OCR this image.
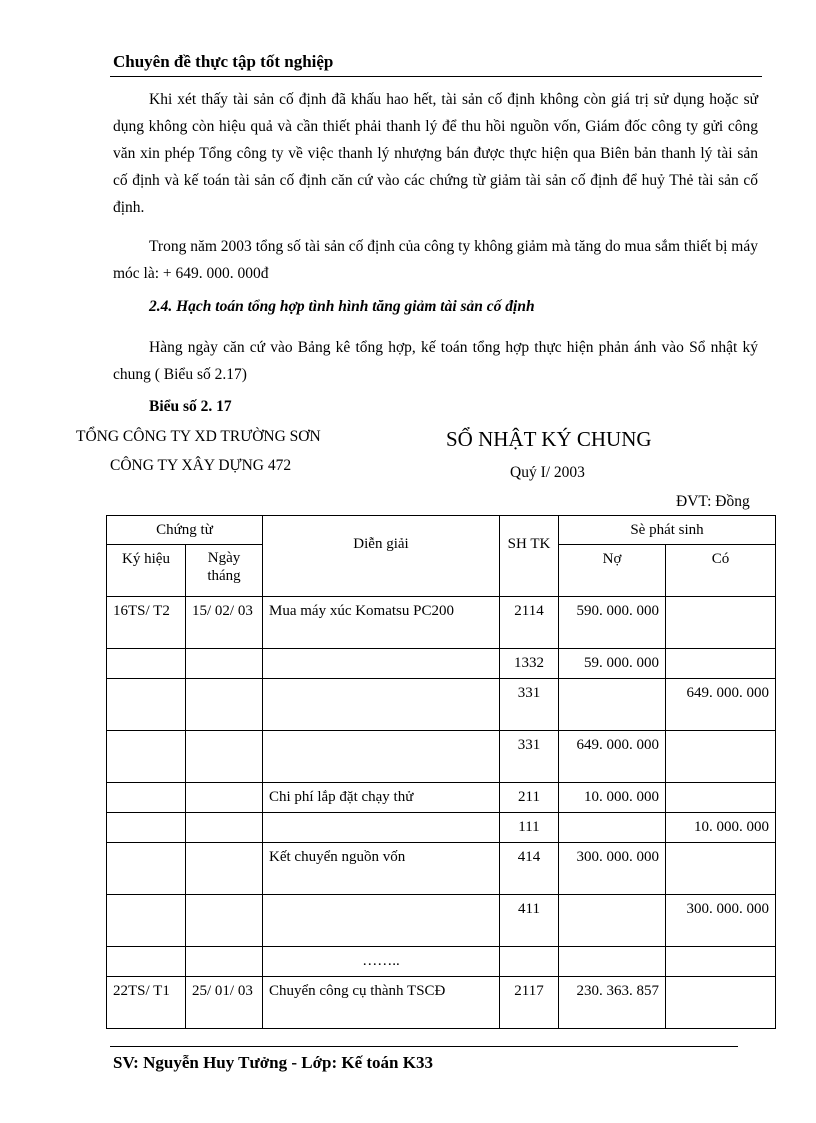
Chuyên đề thực tập tốt nghiệp

Khi xét thấy tài sản cố định đã khấu hao hết, tài sản cố định không còn giá trị sử dụng hoặc sử dụng không còn hiệu quả và cần thiết phải thanh lý để thu hồi nguồn vốn, Giám đốc công ty gửi công văn xin phép Tổng công ty về việc thanh lý nhượng bán được thực hiện qua Biên bản thanh lý tài sản cố định và kế toán tài sản cố định căn cứ vào các chứng từ giảm tài sản cố định để huỷ Thẻ tài sản cố định.

Trong năm 2003 tổng số tài sản cố định của công ty không giảm mà tăng do mua sắm thiết bị máy móc là: + 649. 000. 000đ

2.4. Hạch toán tổng hợp tình hình tăng giảm tài sản cố định

Hàng ngày căn cứ vào Bảng kê tổng hợp, kế toán tổng hợp thực hiện phản ánh vào Sổ nhật ký chung ( Biểu số 2.17)

Biểu số 2. 17
TỔNG CÔNG TY XD TRƯỜNG SƠN
CÔNG TY XÂY DỰNG 472
SỔ NHẬT KÝ CHUNG
Quý I/ 2003
ĐVT: Đồng
Chứng từ		Diễn giải	SH TK	Sè phát sinh	
Ký hiệu	Ngày tháng			Nợ	Có
16TS/ T2	15/ 02/ 03	Mua máy xúc Komatsu PC200	2114	590. 000. 000	
			1332	59. 000. 000	
			331		649. 000. 000
			331	649. 000. 000	
		Chi phí lắp đặt chạy thử	211	10. 000. 000	
			111		10. 000. 000
		Kết chuyển nguồn vốn	414	300. 000. 000	
			411		300. 000. 000
		……..			
22TS/ T1	25/ 01/ 03	Chuyển công cụ thành TSCĐ	2117	230. 363. 857	
SV: Nguyễn Huy Tưởng - Lớp: Kế toán K33
